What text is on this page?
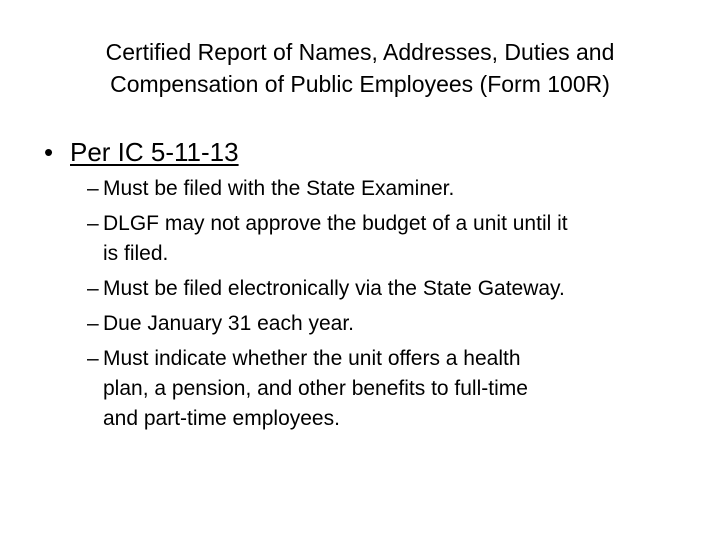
Certified Report of Names, Addresses, Duties and
Compensation of Public Employees (Form 100R)
• Per IC 5-11-13
– Must be filed with the State Examiner.
– DLGF may not approve the budget of a unit until it
is filed.
– Must be filed electronically via the State Gateway.
– Due January 31 each year.
– Must indicate whether the unit offers a health
plan, a pension, and other benefits to full-time
and part-time employees.
